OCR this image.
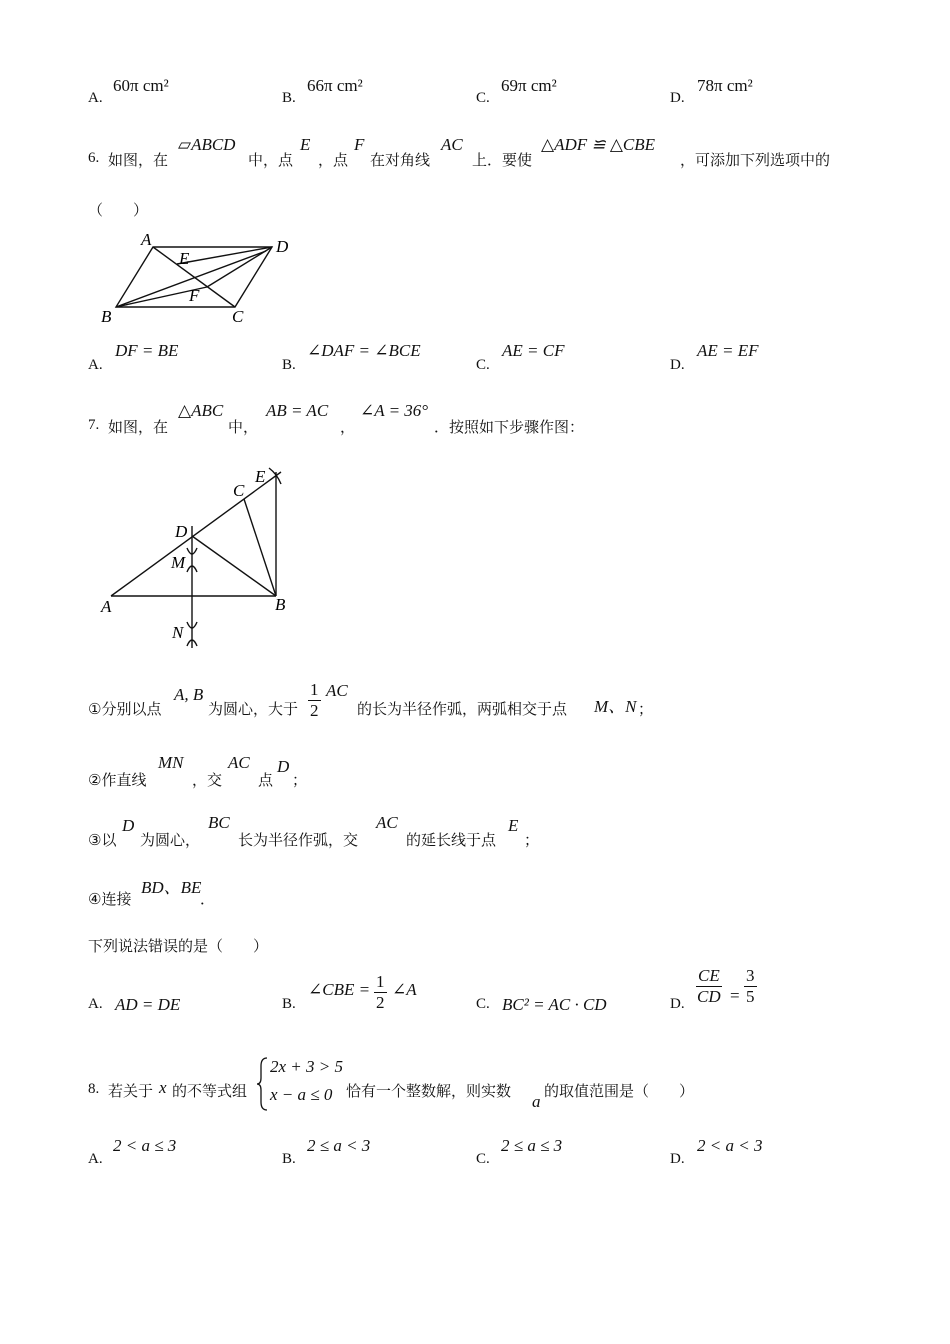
A.
60π cm²
B.
66π cm²
C.
69π cm²
D.
78π cm²
6. 如图，在
▱ABCD
中，点
E
，点
F
在对角线
AC
上．要使
△ADF ≌ △CBE
，可添加下列选项中的
（　　）
A	D
E
F
B	C
A.
DF = BE
B.
∠DAF = ∠BCE
C.
AE = CF
D.
AE = EF
7. 如图，在
△ABC
中，
AB = AC
，
∠A = 36°
．按照如下步骤作图：
A	B
C
D
E
M
N
①分别以点
A, B
为圆心，大于 $\frac{1}{2}$ AC
的长为半径作弧，两弧相交于点 M、N ；
②作直线
MN
，交
AC
点
D
；
③以
D
为圆心，
BC
长为半径作弧，交
AC
的延长线于点
E
；
④连接
BD、BE
．
下列说法错误的是（　　）
A. AD = DE	B.
∠CBE = $\frac{1}{2}$ ∠A
C. BC² = AC · CD	D. $\frac{CE}{CD} = \frac{3}{5}$
8. 若关于 x 的不等式组
2x + 3 > 5
x − a ≤ 0 恰有一个整数解，则实数
a
的取值范围是（　　）
A.
2 < a ≤ 3
B.
2 ≤ a < 3
C.
2 ≤ a ≤ 3
D.
2 < a < 3
